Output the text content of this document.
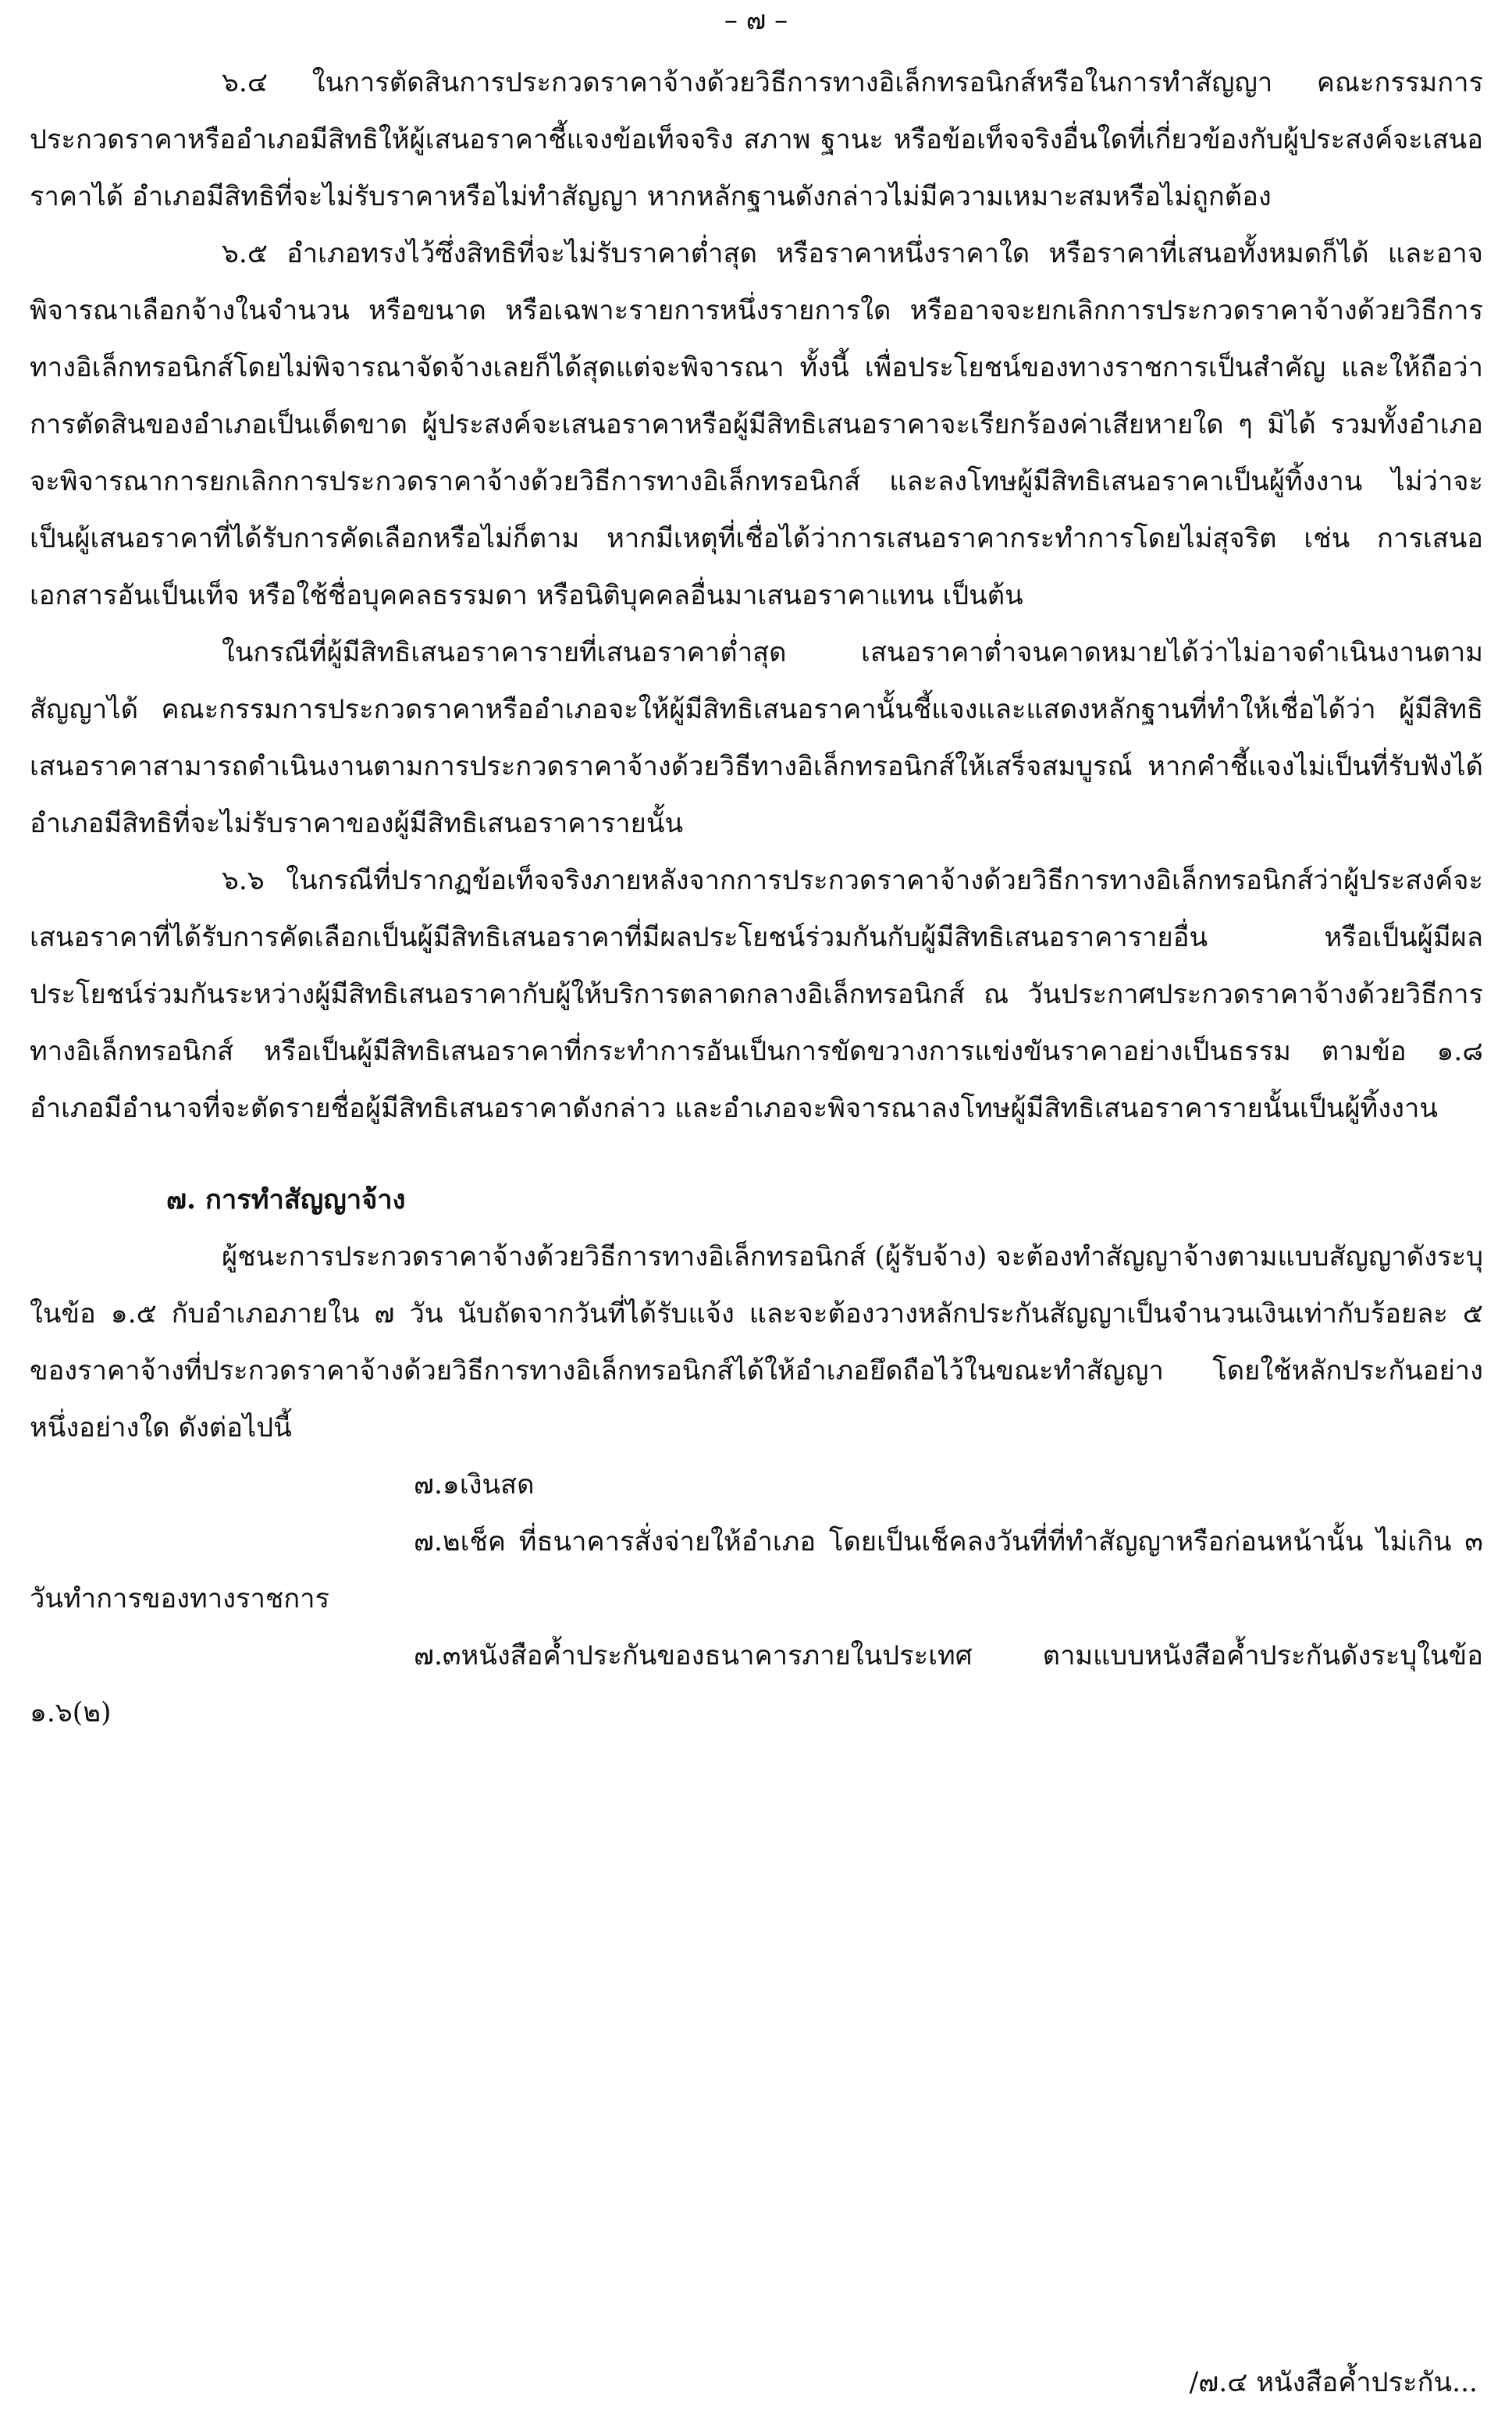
– ๗ –

๖.๔ ในการตัดสินการประกวดราคาจ้างด้วยวิธีการทางอิเล็กทรอนิกส์หรือในการทำสัญญา คณะกรรมการประกวดราคาหรืออำเภอมีสิทธิให้ผู้เสนอราคาชี้แจงข้อเท็จจริง สภาพ ฐานะ หรือข้อเท็จจริงอื่นใดที่เกี่ยวข้องกับผู้ประสงค์จะเสนอราคาได้ อำเภอมีสิทธิที่จะไม่รับราคาหรือไม่ทำสัญญา หากหลักฐานดังกล่าวไม่มีความเหมาะสมหรือไม่ถูกต้อง

๖.๕ อำเภอทรงไว้ซึ่งสิทธิที่จะไม่รับราคาต่ำสุด หรือราคาหนึ่งราคาใด หรือราคาที่เสนอทั้งหมดก็ได้ และอาจพิจารณาเลือกจ้างในจำนวน หรือขนาด หรือเฉพาะรายการหนึ่งรายการใด หรืออาจจะยกเลิกการประกวดราคาจ้างด้วยวิธีการทางอิเล็กทรอนิกส์โดยไม่พิจารณาจัดจ้างเลยก็ได้สุดแต่จะพิจารณา ทั้งนี้ เพื่อประโยชน์ของทางราชการเป็นสำคัญ และให้ถือว่าการตัดสินของอำเภอเป็นเด็ดขาด ผู้ประสงค์จะเสนอราคาหรือผู้มีสิทธิเสนอราคาจะเรียกร้องค่าเสียหายใด ๆ มิได้ รวมทั้งอำเภอจะพิจารณาการยกเลิกการประกวดราคาจ้างด้วยวิธีการทางอิเล็กทรอนิกส์ และลงโทษผู้มีสิทธิเสนอราคาเป็นผู้ทิ้งงาน ไม่ว่าจะเป็นผู้เสนอราคาที่ได้รับการคัดเลือกหรือไม่ก็ตาม หากมีเหตุที่เชื่อได้ว่าการเสนอราคากระทำการโดยไม่สุจริต เช่น การเสนอเอกสารอันเป็นเท็จ หรือใช้ชื่อบุคคลธรรมดา หรือนิติบุคคลอื่นมาเสนอราคาแทน เป็นต้น

ในกรณีที่ผู้มีสิทธิเสนอราคารายที่เสนอราคาต่ำสุด เสนอราคาต่ำจนคาดหมายได้ว่าไม่อาจดำเนินงานตามสัญญาได้ คณะกรรมการประกวดราคาหรืออำเภอจะให้ผู้มีสิทธิเสนอราคานั้นชี้แจงและแสดงหลักฐานที่ทำให้เชื่อได้ว่า ผู้มีสิทธิเสนอราคาสามารถดำเนินงานตามการประกวดราคาจ้างด้วยวิธีทางอิเล็กทรอนิกส์ให้เสร็จสมบูรณ์ หากคำชี้แจงไม่เป็นที่รับฟังได้ อำเภอมีสิทธิที่จะไม่รับราคาของผู้มีสิทธิเสนอราคารายนั้น

๖.๖ ในกรณีที่ปรากฏข้อเท็จจริงภายหลังจากการประกวดราคาจ้างด้วยวิธีการทางอิเล็กทรอนิกส์ว่าผู้ประสงค์จะเสนอราคาที่ได้รับการคัดเลือกเป็นผู้มีสิทธิเสนอราคาที่มีผลประโยชน์ร่วมกันกับผู้มีสิทธิเสนอราคารายอื่น หรือเป็นผู้มีผลประโยชน์ร่วมกันระหว่างผู้มีสิทธิเสนอราคากับผู้ให้บริการตลาดกลางอิเล็กทรอนิกส์ ณ วันประกาศประกวดราคาจ้างด้วยวิธีการทางอิเล็กทรอนิกส์ หรือเป็นผู้มีสิทธิเสนอราคาที่กระทำการอันเป็นการขัดขวางการแข่งขันราคาอย่างเป็นธรรม ตามข้อ ๑.๘ อำเภอมีอำนาจที่จะตัดรายชื่อผู้มีสิทธิเสนอราคาดังกล่าว และอำเภอจะพิจารณาลงโทษผู้มีสิทธิเสนอราคารายนั้นเป็นผู้ทิ้งงาน

๗. การทำสัญญาจ้าง

ผู้ชนะการประกวดราคาจ้างด้วยวิธีการทางอิเล็กทรอนิกส์ (ผู้รับจ้าง) จะต้องทำสัญญาจ้างตามแบบสัญญาดังระบุในข้อ ๑.๕ กับอำเภอภายใน ๗ วัน นับถัดจากวันที่ได้รับแจ้ง และจะต้องวางหลักประกันสัญญาเป็นจำนวนเงินเท่ากับร้อยละ ๕ ของราคาจ้างที่ประกวดราคาจ้างด้วยวิธีการทางอิเล็กทรอนิกส์ได้ให้อำเภอยึดถือไว้ในขณะทำสัญญา โดยใช้หลักประกันอย่างหนึ่งอย่างใด ดังต่อไปนี้

๗.๑เงินสด

๗.๒เช็ค ที่ธนาคารสั่งจ่ายให้อำเภอ โดยเป็นเช็คลงวันที่ที่ทำสัญญาหรือก่อนหน้านั้น ไม่เกิน ๓ วันทำการของทางราชการ

๗.๓หนังสือค้ำประกันของธนาคารภายในประเทศ ตามแบบหนังสือค้ำประกันดังระบุในข้อ ๑.๖(๒)

/๗.๔ หนังสือค้ำประกัน...
